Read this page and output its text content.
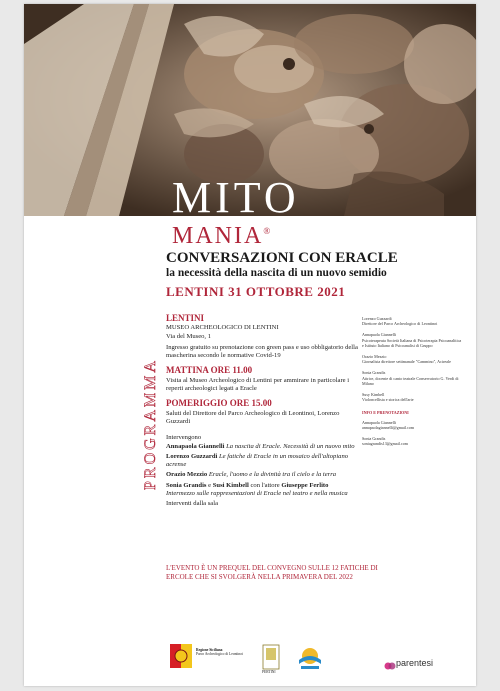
MITO
MANIA®
CONVERSAZIONI CON ERACLE
la necessità della nascita di un nuovo semidio
LENTINI 31 OTTOBRE 2021
PROGRAMMA
LENTINI
MUSEO ARCHEOLOGICO DI LENTINI
Via del Museo, 1
Ingresso gratuito su prenotazione con green pass e uso obbligatorio della mascherina secondo le normative Covid-19
MATTINA ORE 11.00
Visita al Museo Archeologico di Lentini per ammirare in particolare i reperti archeologici legati a Eracle
POMERIGGIO ORE 15.00
Saluti del Direttore del Parco Archeologico di Leontinoi, Lorenzo Guzzardi
Intervengono
Annapaola Giannelli La nascita di Eracle. Necessità di un nuovo mito
Lorenzo Guzzardi Le fatiche di Eracle in un mosaico dell'altopiano acrense
Orazio Mezzio Eracle, l'uomo e la divinità tra il cielo e la terra
Sonia Grandis e Susi Kimbell con l'attore Giuseppe Ferlito Intermezzo sulle rappresentazioni di Eracle nel teatro e nella musica
Interventi dalla sala
Lorenzo Guzzardi
Direttore del Parco Archeologico di Leontinoi
Annapaola Giannelli
Psicoterapeuta Società Italiana di Psicoterapia Psicoanalitica e Istituto Italiano di Psicoanalisi di Gruppo
Orazio Mezzio
Giornalista direttore settimanale "Cammino", Acireale
Sonia Grandis
Attrice, docente di canto teatrale Conservatorio G. Verdi di Milano
Susy Kimbell
Violoncellista e storica dell'arte
INFO E PRENOTAZIONI
Annapaola Giannelli
annapaolagiannelli@gmail.com
Sonia Grandis
soniagrandis13@gmail.com
L'EVENTO È UN PREQUEL DEL CONVEGNO SULLE 12 FATICHE DI ERCOLE CHE SI SVOLGERÀ NELLA PRIMAVERA DEL 2022
Regione Siciliana
Parco Archeologico di Leontinoi
PERTINI
parentesi
